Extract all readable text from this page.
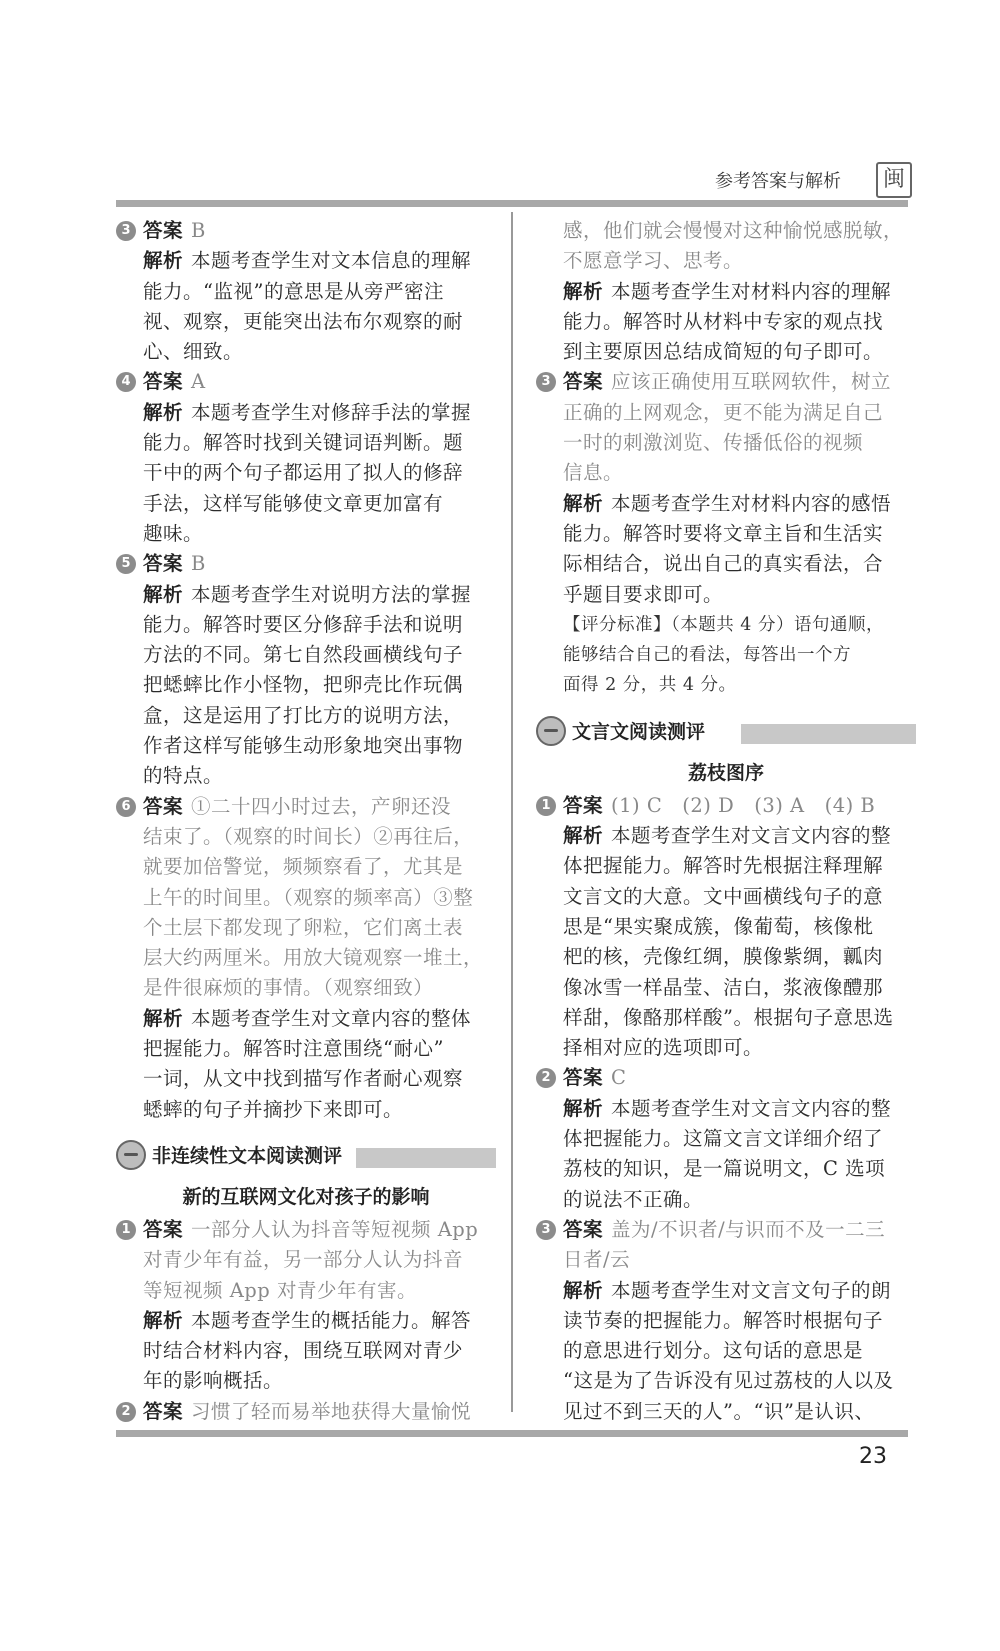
参考答案与解析	闽
3 答案 B
解析 本题考查学生对文本信息的理解
能力。“监视”的意思是从旁严密注
视、观察，更能突出法布尔观察的耐
心、细致。
4 答案 A
解析 本题考查学生对修辞手法的掌握
能力。解答时找到关键词语判断。题
干中的两个句子都运用了拟人的修辞
手法，这样写能够使文章更加富有
趣味。
5 答案 B
解析 本题考查学生对说明方法的掌握
能力。解答时要区分修辞手法和说明
方法的不同。第七自然段画横线句子
把蟋蟀比作小怪物，把卵壳比作玩偶
盒，这是运用了打比方的说明方法，
作者这样写能够生动形象地突出事物
的特点。
6 答案 ①二十四小时过去，产卵还没
结束了。（观察的时间长）②再往后，
就要加倍警觉，频频察看了，尤其是
上午的时间里。（观察的频率高）③整
个土层下都发现了卵粒，它们离土表
层大约两厘米。用放大镜观察一堆土，
是件很麻烦的事情。（观察细致）
解析 本题考查学生对文章内容的整体
把握能力。解答时注意围绕“耐心”
一词，从文中找到描写作者耐心观察
蟋蟀的句子并摘抄下来即可。
非连续性文本阅读测评
新的互联网文化对孩子的影响
1 答案 一部分人认为抖音等短视频 App
对青少年有益，另一部分人认为抖音
等短视频 App 对青少年有害。
解析 本题考查学生的概括能力。解答
时结合材料内容，围绕互联网对青少
年的影响概括。
2 答案 习惯了轻而易举地获得大量愉悦
感，他们就会慢慢对这种愉悦感脱敏，
不愿意学习、思考。
解析 本题考查学生对材料内容的理解
能力。解答时从材料中专家的观点找
到主要原因总结成简短的句子即可。
3 答案 应该正确使用互联网软件，树立
正确的上网观念，更不能为满足自己
一时的刺激浏览、传播低俗的视频
信息。
解析 本题考查学生对材料内容的感悟
能力。解答时要将文章主旨和生活实
际相结合，说出自己的真实看法，合
乎题目要求即可。
【评分标准】（本题共 4 分）语句通顺，
能够结合自己的看法，每答出一个方
面得 2 分，共 4 分。
文言文阅读测评
荔枝图序
1 答案 (1) C　(2) D　(3) A　(4) B
解析 本题考查学生对文言文内容的整
体把握能力。解答时先根据注释理解
文言文的大意。文中画横线句子的意
思是“果实聚成簇，像葡萄，核像枇
杷的核，壳像红绸，膜像紫绸，瓤肉
像冰雪一样晶莹、洁白，浆液像醴那
样甜，像酪那样酸”。根据句子意思选
择相对应的选项即可。
2 答案 C
解析 本题考查学生对文言文内容的整
体把握能力。这篇文言文详细介绍了
荔枝的知识，是一篇说明文，C 选项
的说法不正确。
3 答案 盖为/不识者/与识而不及一二三
日者/云
解析 本题考查学生对文言文句子的朗
读节奏的把握能力。解答时根据句子
的意思进行划分。这句话的意思是
“这是为了告诉没有见过荔枝的人以及
见过不到三天的人”。“识”是认识、
23
